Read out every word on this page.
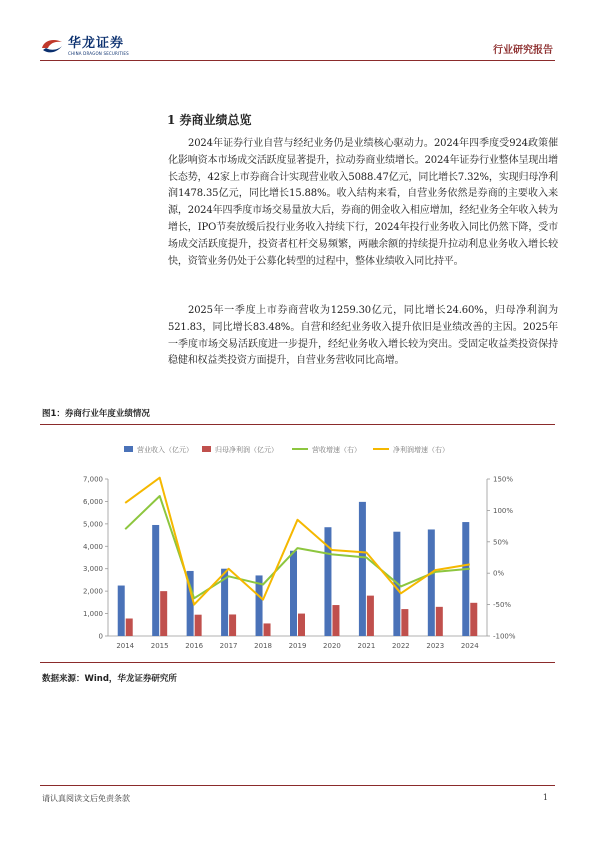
华龙证券
CHINA DRAGON SECURITIES	行业研究报告
1 券商业绩总览
2024年证券行业自营与经纪业务仍是业绩核心驱动力。2024年四季度受924政策催化影响资本市场成交活跃度显著提升，拉动券商业绩增长。2024年证券行业整体呈现出增长态势，42家上市券商合计实现营业收入5088.47亿元，同比增长7.32%，实现归母净利润1478.35亿元，同比增长15.88%。收入结构来看，自营业务依然是券商的主要收入来源，2024年四季度市场交易量放大后，券商的佣金收入相应增加，经纪业务全年收入转为增长，IPO节奏放缓后投行业务收入持续下行，2024年投行业务收入同比仍然下降，受市场成交活跃度提升，投资者杠杆交易频繁，两融余额的持续提升拉动利息业务收入增长较快，资管业务仍处于公募化转型的过程中，整体业绩收入同比持平。
2025年一季度上市券商营收为1259.30亿元，同比增长24.60%，归母净利润为521.83，同比增长83.48%。自营和经纪业务收入提升依旧是业绩改善的主因。2025年一季度市场交易活跃度进一步提升，经纪业务收入增长较为突出。受固定收益类投资保持稳健和权益类投资方面提升，自营业务营收同比高增。
图1：券商行业年度业绩情况
营业收入（亿元）	归母净利润（亿元）	营收增速（右）	净利润增速（右）
0
1,000
2,000
3,000
4,000
5,000
6,000
7,000
-100%
-50%
0%
50%
100%
150%
2014 2015 2016 2017 2018 2019 2020 2021 2022 2023 2024
数据来源：Wind，华龙证券研究所
请认真阅读文后免责条款	1
